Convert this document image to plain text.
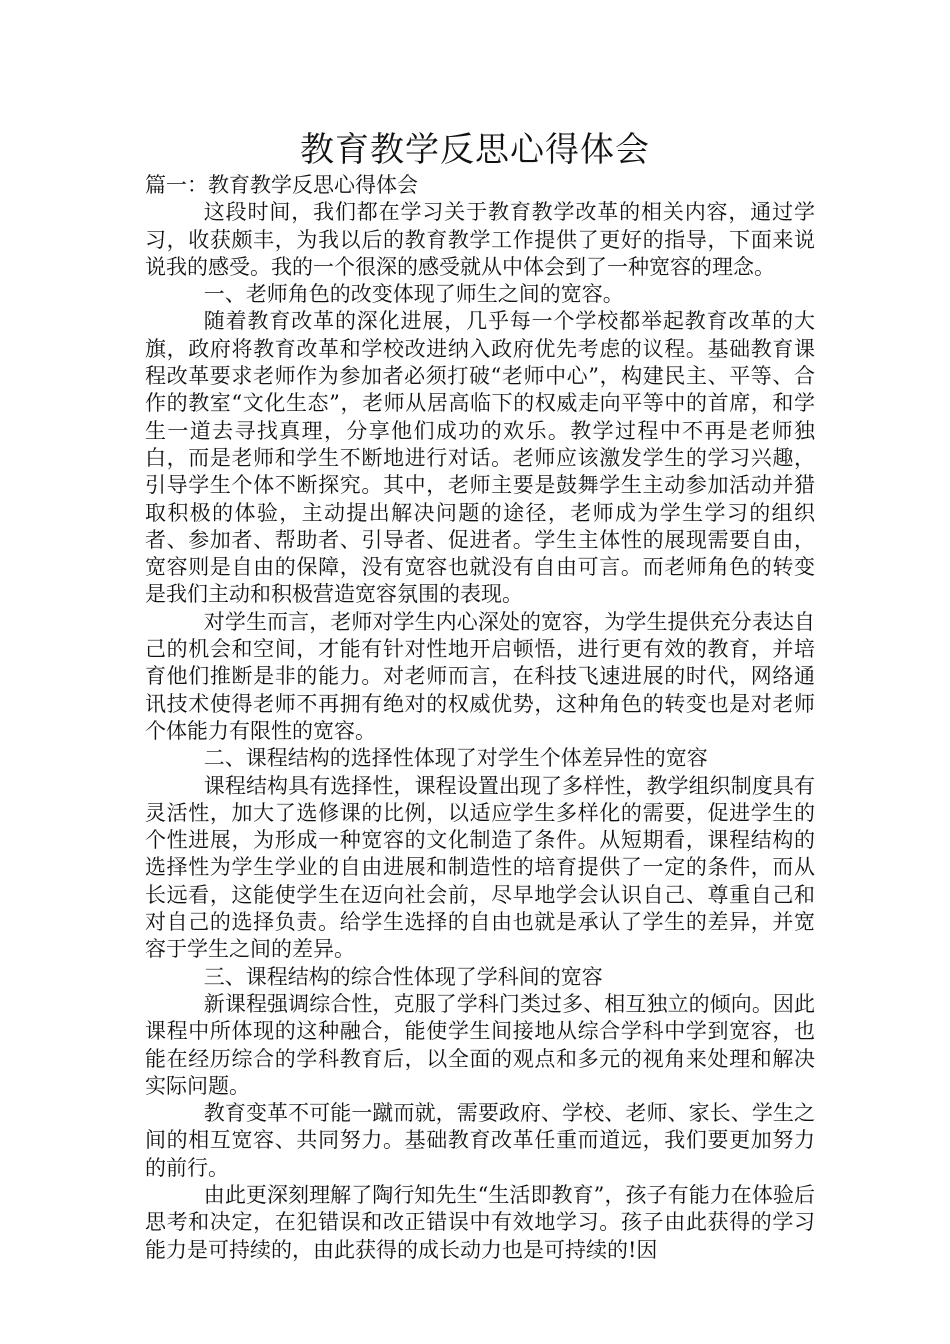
教育教学反思心得体会

篇一：教育教学反思心得体会

这段时间，我们都在学习关于教育教学改革的相关内容，通过学习，收获颇丰，为我以后的教育教学工作提供了更好的指导，下面来说说我的感受。我的一个很深的感受就从中体会到了一种宽容的理念。

一、老师角色的改变体现了师生之间的宽容。

随着教育改革的深化进展，几乎每一个学校都举起教育改革的大旗，政府将教育改革和学校改进纳入政府优先考虑的议程。基础教育课程改革要求老师作为参加者必须打破“老师中心”，构建民主、平等、合作的教室“文化生态”，老师从居高临下的权威走向平等中的首席，和学生一道去寻找真理，分享他们成功的欢乐。教学过程中不再是老师独白，而是老师和学生不断地进行对话。老师应该激发学生的学习兴趣，引导学生个体不断探究。其中，老师主要是鼓舞学生主动参加活动并猎取积极的体验，主动提出解决问题的途径，老师成为学生学习的组织者、参加者、帮助者、引导者、促进者。学生主体性的展现需要自由，宽容则是自由的保障，没有宽容也就没有自由可言。而老师角色的转变是我们主动和积极营造宽容氛围的表现。

对学生而言，老师对学生内心深处的宽容，为学生提供充分表达自己的机会和空间，才能有针对性地开启顿悟，进行更有效的教育，并培育他们推断是非的能力。对老师而言，在科技飞速进展的时代，网络通讯技术使得老师不再拥有绝对的权威优势，这种角色的转变也是对老师个体能力有限性的宽容。

二、课程结构的选择性体现了对学生个体差异性的宽容

课程结构具有选择性，课程设置出现了多样性，教学组织制度具有灵活性，加大了选修课的比例，以适应学生多样化的需要，促进学生的个性进展，为形成一种宽容的文化制造了条件。从短期看，课程结构的选择性为学生学业的自由进展和制造性的培育提供了一定的条件，而从长远看，这能使学生在迈向社会前，尽早地学会认识自己、尊重自己和对自己的选择负责。给学生选择的自由也就是承认了学生的差异，并宽容于学生之间的差异。

三、课程结构的综合性体现了学科间的宽容

新课程强调综合性，克服了学科门类过多、相互独立的倾向。因此课程中所体现的这种融合，能使学生间接地从综合学科中学到宽容，也能在经历综合的学科教育后，以全面的观点和多元的视角来处理和解决实际问题。

教育变革不可能一蹴而就，需要政府、学校、老师、家长、学生之间的相互宽容、共同努力。基础教育改革任重而道远，我们要更加努力的前行。

由此更深刻理解了陶行知先生“生活即教育”，孩子有能力在体验后思考和决定，在犯错误和改正错误中有效地学习。孩子由此获得的学习能力是可持续的，由此获得的成长动力也是可持续的!因
